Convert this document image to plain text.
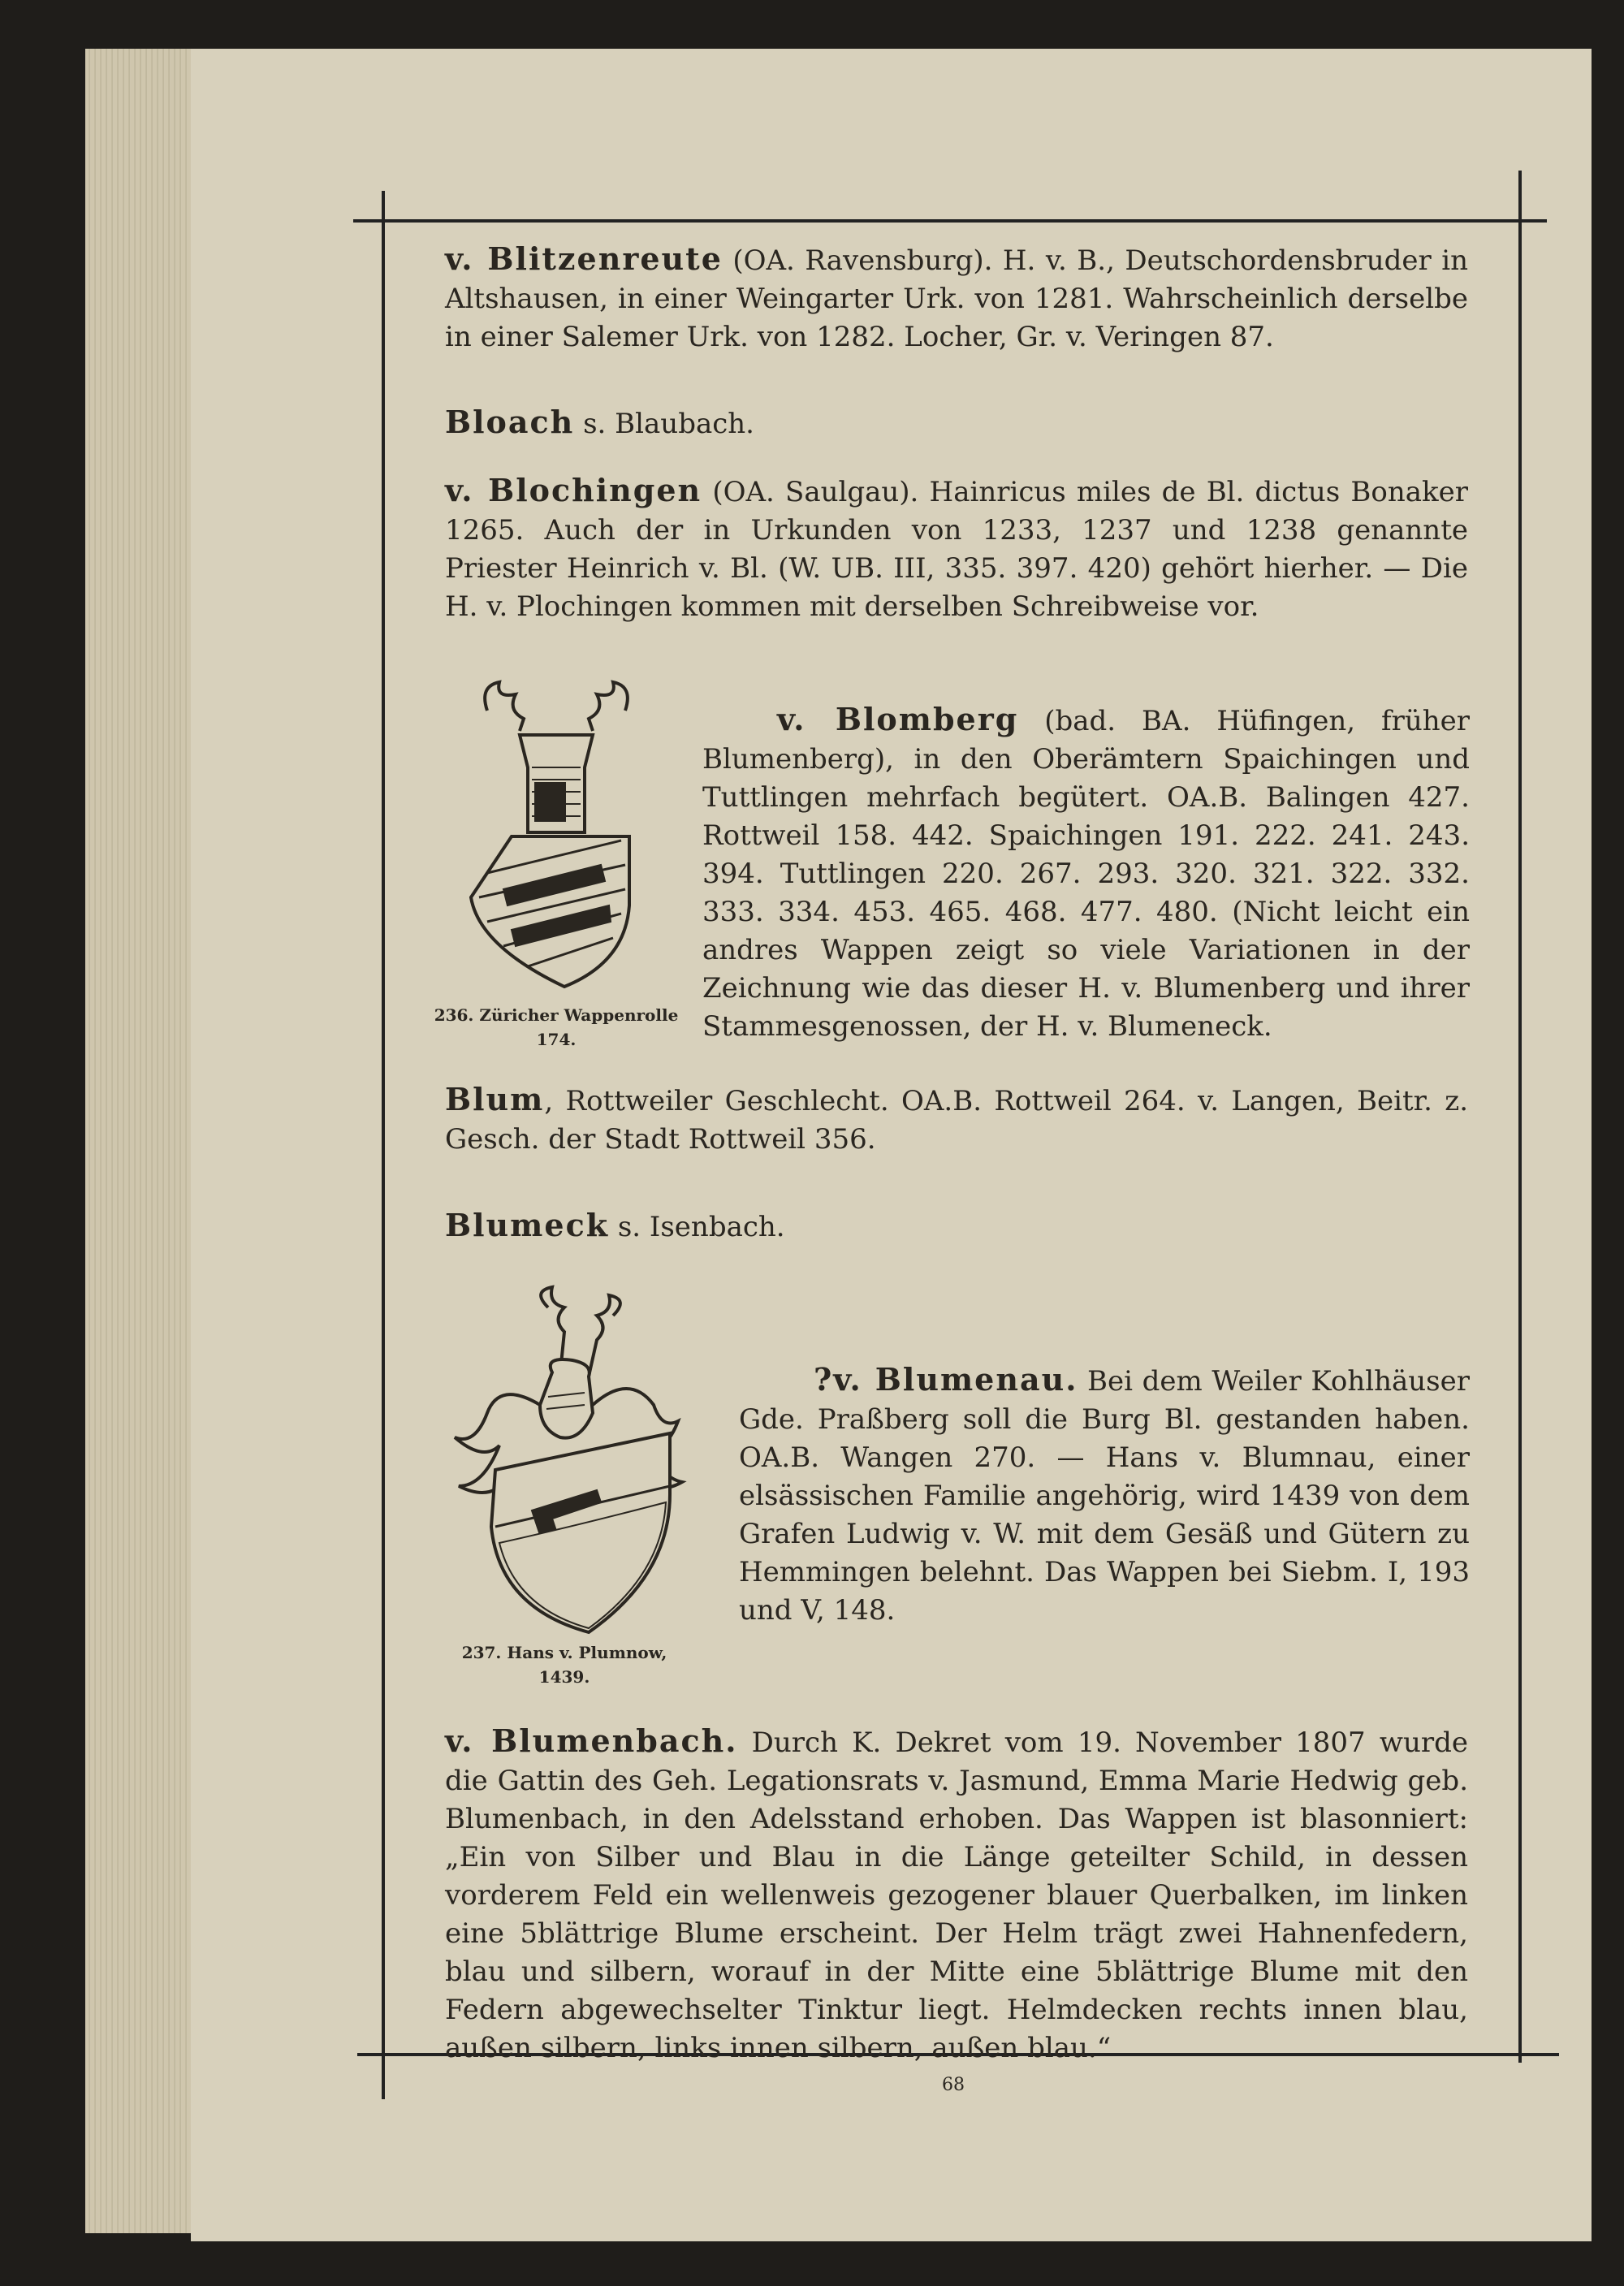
v. Blitzenreute (OA. Ravensburg). H. v. B., Deutschordensbruder in Altshausen, in einer Weingarter Urk. von 1281. Wahrscheinlich derselbe in einer Salemer Urk. von 1282. Locher, Gr. v. Veringen 87.

Bloach s. Blaubach.

v. Blochingen (OA. Saulgau). Hainricus miles de Bl. dictus Bonaker 1265. Auch der in Urkunden von 1233, 1237 und 1238 genannte Priester Heinrich v. Bl. (W. UB. III, 335. 397. 420) gehört hierher. — Die H. v. Plochingen kommen mit derselben Schreibweise vor.

236. Züricher Wappenrolle
174.

v. Blomberg (bad. BA. Hüfingen, früher Blumenberg), in den Oberämtern Spaichingen und Tuttlingen mehrfach begütert. OA.B. Balingen 427. Rottweil 158. 442. Spaichingen 191. 222. 241. 243. 394. Tuttlingen 220. 267. 293. 320. 321. 322. 332. 333. 334. 453. 465. 468. 477. 480. (Nicht leicht ein andres Wappen zeigt so viele Variationen in der Zeichnung wie das dieser H. v. Blumenberg und ihrer Stammesgenossen, der H. v. Blumeneck.

Blum, Rottweiler Geschlecht. OA.B. Rottweil 264. v. Langen, Beitr. z. Gesch. der Stadt Rottweil 356.

Blumeck s. Isenbach.

237. Hans v. Plumnow,
1439.

?v. Blumenau. Bei dem Weiler Kohlhäuser Gde. Praßberg soll die Burg Bl. gestanden haben. OA.B. Wangen 270. — Hans v. Blumnau, einer elsässischen Familie angehörig, wird 1439 von dem Grafen Ludwig v. W. mit dem Gesäß und Gütern zu Hemmingen belehnt. Das Wappen bei Siebm. I, 193 und V, 148.

v. Blumenbach. Durch K. Dekret vom 19. November 1807 wurde die Gattin des Geh. Legationsrats v. Jasmund, Emma Marie Hedwig geb. Blumenbach, in den Adelsstand erhoben. Das Wappen ist blasonniert: „Ein von Silber und Blau in die Länge geteilter Schild, in dessen vorderem Feld ein wellenweis gezogener blauer Querbalken, im linken eine 5blättrige Blume erscheint. Der Helm trägt zwei Hahnenfedern, blau und silbern, worauf in der Mitte eine 5blättrige Blume mit den Federn abgewechselter Tinktur liegt. Helmdecken rechts innen blau, außen silbern, links innen silbern, außen blau.“

68
